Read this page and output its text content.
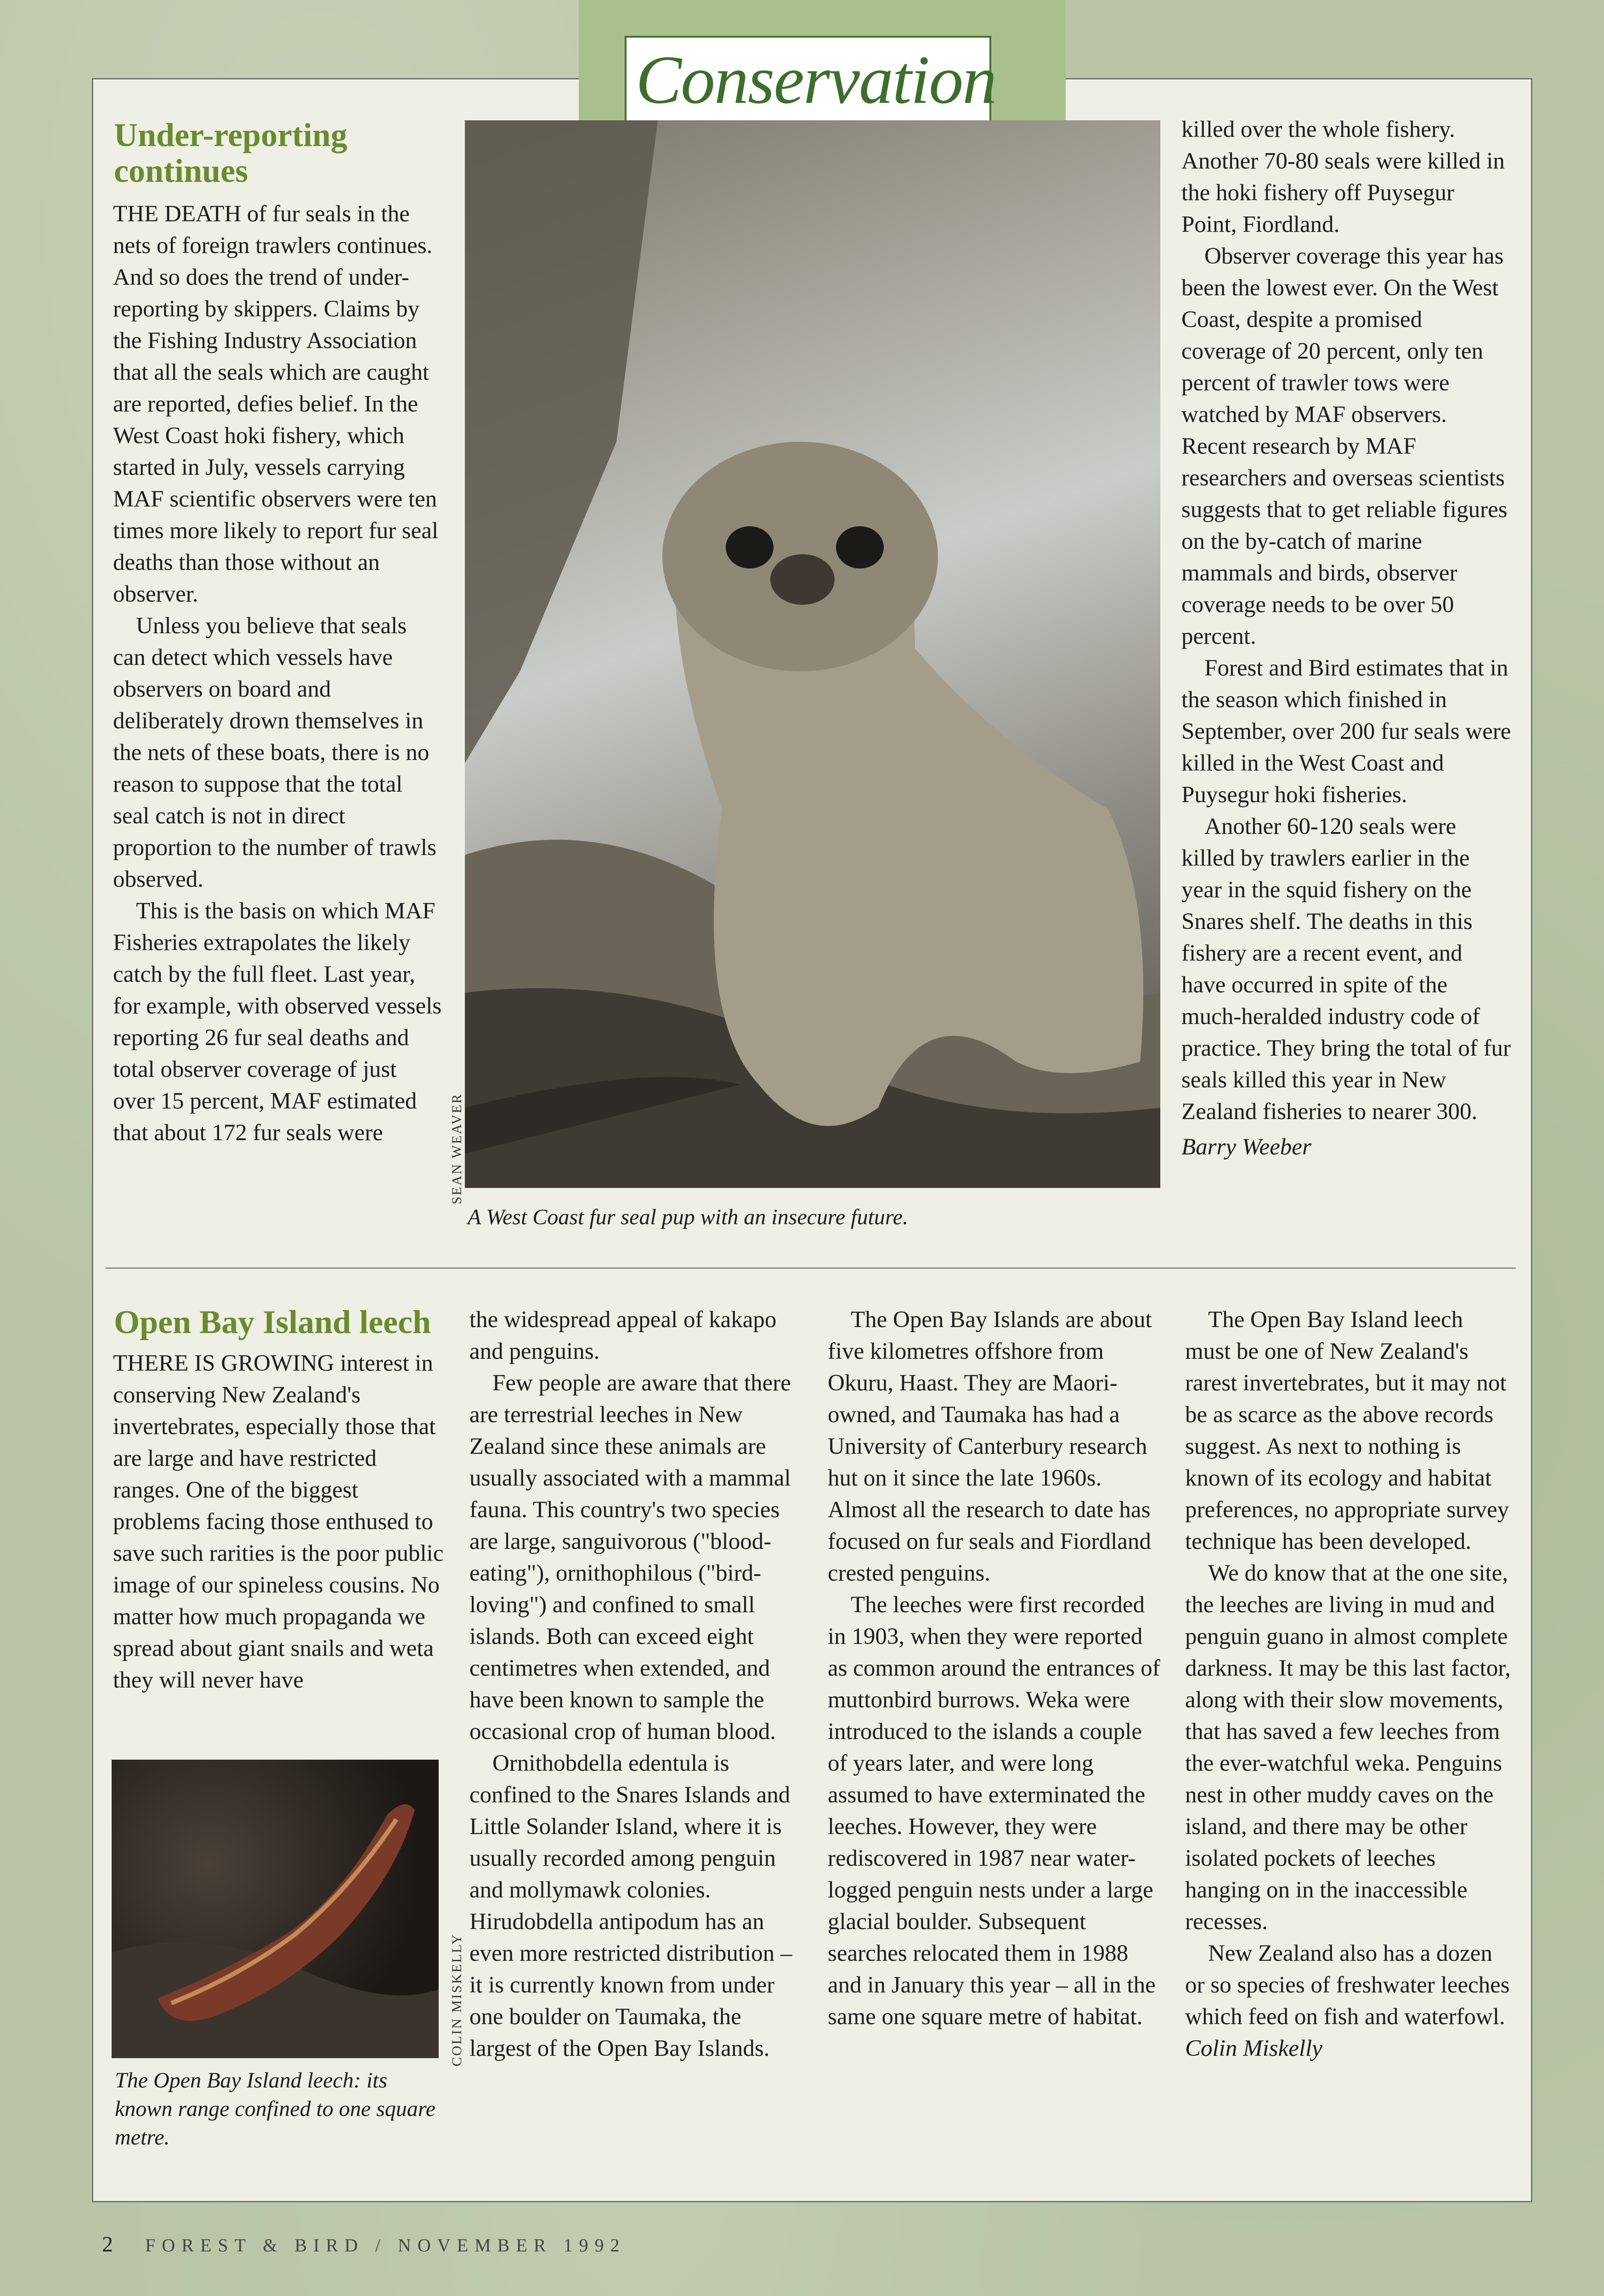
Conservation
Under-reporting continues

THE DEATH of fur seals in the nets of foreign trawlers continues. And so does the trend of under-reporting by skippers. Claims by the Fishing Industry Association that all the seals which are caught are reported, defies belief. In the West Coast hoki fishery, which started in July, vessels carrying MAF scientific observers were ten times more likely to report fur seal deaths than those without an observer.

Unless you believe that seals can detect which vessels have observers on board and deliberately drown themselves in the nets of these boats, there is no reason to suppose that the total seal catch is not in direct proportion to the number of trawls observed.

This is the basis on which MAF Fisheries extrapolates the likely catch by the full fleet. Last year, for example, with observed vessels reporting 26 fur seal deaths and total observer coverage of just over 15 percent, MAF estimated that about 172 fur seals were	SEAN WEAVER
A West Coast fur seal pup with an insecure future.

killed over the whole fishery. Another 70-80 seals were killed in the hoki fishery off Puysegur Point, Fiordland.

Observer coverage this year has been the lowest ever. On the West Coast, despite a promised coverage of 20 percent, only ten percent of trawler tows were watched by MAF observers. Recent research by MAF researchers and overseas scientists suggests that to get reliable figures on the by-catch of marine mammals and birds, observer coverage needs to be over 50 percent.

Forest and Bird estimates that in the season which finished in September, over 200 fur seals were killed in the West Coast and Puysegur hoki fisheries.

Another 60-120 seals were killed by trawlers earlier in the year in the squid fishery on the Snares shelf. The deaths in this fishery are a recent event, and have occurred in spite of the much-heralded industry code of practice. They bring the total of fur seals killed this year in New Zealand fisheries to nearer 300.

Barry Weeber

Open Bay Island leech

THERE IS GROWING interest in conserving New Zealand's invertebrates, especially those that are large and have restricted ranges. One of the biggest problems facing those enthused to save such rarities is the poor public image of our spineless cousins. No matter how much propaganda we spread about giant snails and weta they will never have

COLIN MISKELLY
The Open Bay Island leech: its known range confined to one square metre.

the widespread appeal of kakapo and penguins.

Few people are aware that there are terrestrial leeches in New Zealand since these animals are usually associated with a mammal fauna. This country's two species are large, sanguivorous ("blood-eating"), ornithophilous ("bird-loving") and confined to small islands. Both can exceed eight centimetres when extended, and have been known to sample the occasional crop of human blood.

Ornithobdella edentula is confined to the Snares Islands and Little Solander Island, where it is usually recorded among penguin and mollymawk colonies. Hirudobdella antipodum has an even more restricted distribution – it is currently known from under one boulder on Taumaka, the largest of the Open Bay Islands.

The Open Bay Islands are about five kilometres offshore from Okuru, Haast. They are Maori-owned, and Taumaka has had a University of Canterbury research hut on it since the late 1960s. Almost all the research to date has focused on fur seals and Fiordland crested penguins.

The leeches were first recorded in 1903, when they were reported as common around the entrances of muttonbird burrows. Weka were introduced to the islands a couple of years later, and were long assumed to have exterminated the leeches. However, they were rediscovered in 1987 near water-logged penguin nests under a large glacial boulder. Subsequent searches relocated them in 1988 and in January this year – all in the same one square metre of habitat.

The Open Bay Island leech must be one of New Zealand's rarest invertebrates, but it may not be as scarce as the above records suggest. As next to nothing is known of its ecology and habitat preferences, no appropriate survey technique has been developed.

We do know that at the one site, the leeches are living in mud and penguin guano in almost complete darkness. It may be this last factor, along with their slow movements, that has saved a few leeches from the ever-watchful weka. Penguins nest in other muddy caves on the island, and there may be other isolated pockets of leeches hanging on in the inaccessible recesses.

New Zealand also has a dozen or so species of freshwater leeches which feed on fish and waterfowl.

Colin Miskelly

2 FOREST & BIRD / NOVEMBER 1992
